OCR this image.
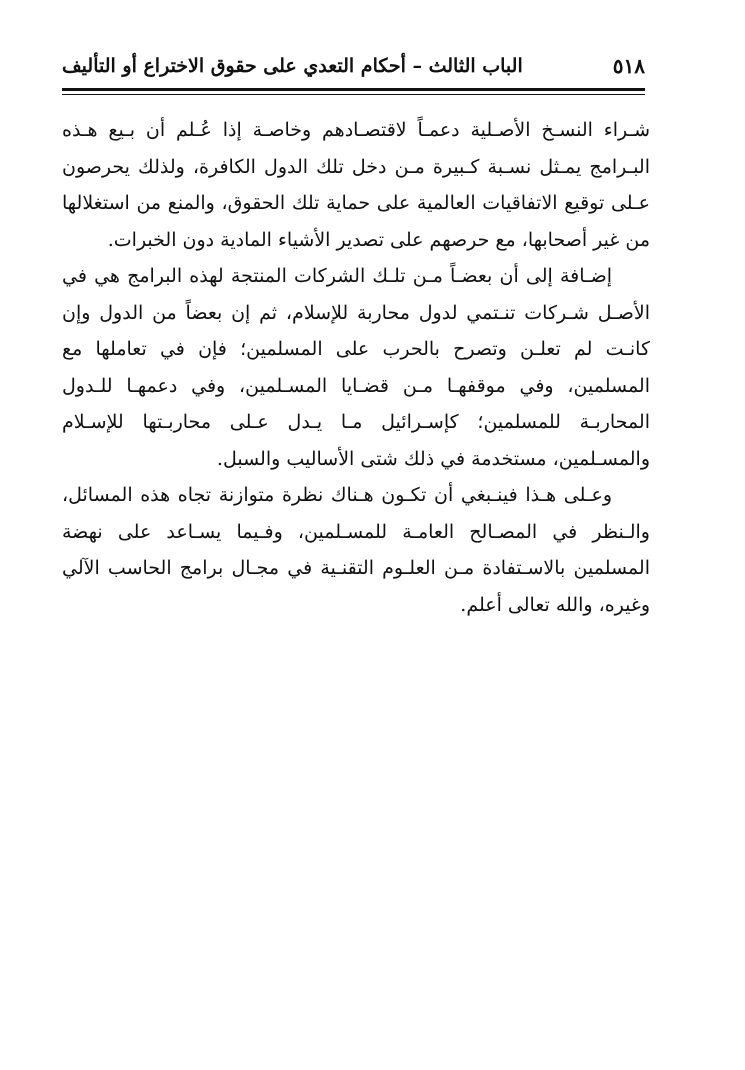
٥١٨
الباب الثالث – أحكام التعدي على حقوق الاختراع أو التأليف

شـراء النسـخ الأصـلية دعمـاً لاقتصـادهم وخاصـة إذا عُـلم أن بـيع هـذه البـرامج يمـثل نسـبة كـبيرة مـن دخل تلك الدول الكافرة، ولذلك يحرصون عـلى توقيع الاتفاقيات العالمية على حماية تلك الحقوق، والمنع من استغلالها من غير أصحابها، مع حرصهم على تصدير الأشياء المادية دون الخبرات.

إضـافة إلى أن بعضـاً مـن تلـك الشركات المنتجة لهذه البرامج هي في الأصـل شـركات تنـتمي لدول محاربة للإسلام، ثم إن بعضاً من الدول وإن كانـت لم تعلـن وتصرح بالحرب على المسلمين؛ فإن في تعاملها مع المسلمين، وفي موقفهـا مـن قضـايا المسـلمين، وفي دعمهـا للـدول المحاربـة للمسلمين؛ كإسـرائيل مـا يـدل عـلى محاربـتها للإسـلام والمسـلمين، مستخدمة في ذلك شتى الأساليب والسبل.

وعـلى هـذا فينـبغي أن تكـون هـناك نظرة متوازنة تجاه هذه المسائل، والـنظر في المصـالح العامـة للمسـلمين، وفـيما يسـاعد على نهضة المسلمين بالاسـتفادة مـن العلـوم التقنـية في مجـال برامج الحاسب الآلي وغيره، والله تعالى أعلم.
